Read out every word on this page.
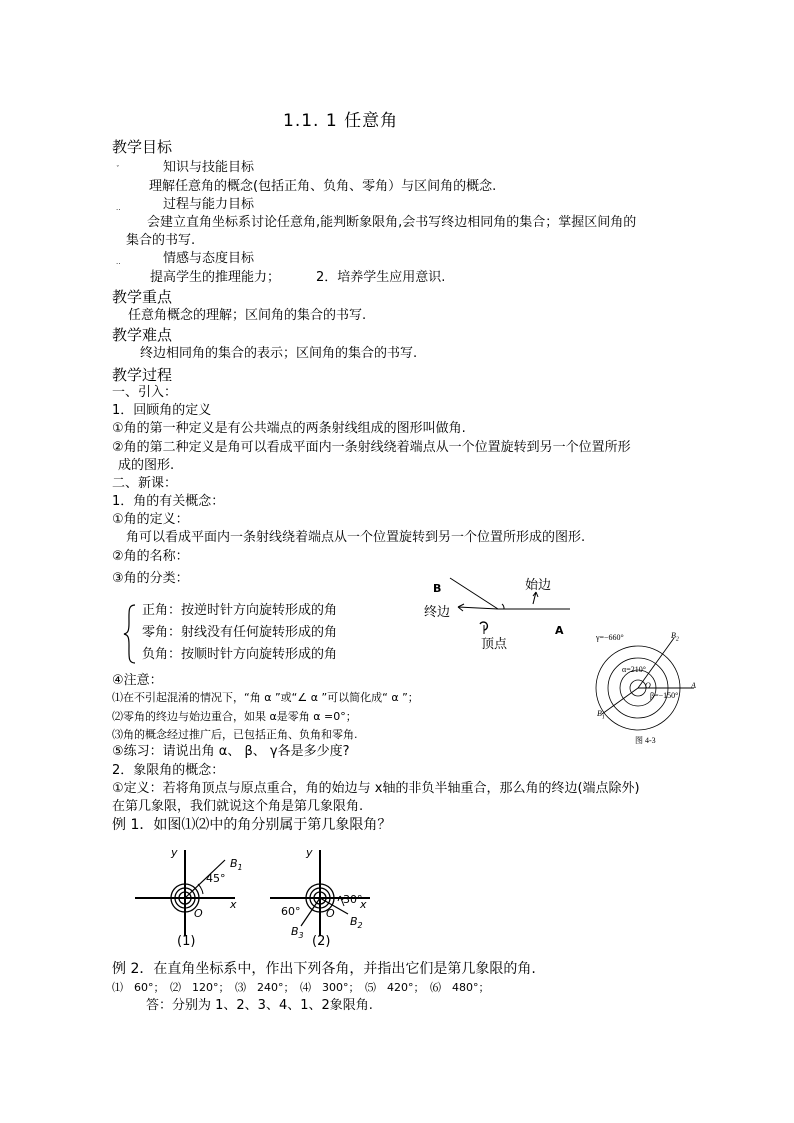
1.1. 1 任意角
教学目标
ˇ	知识与技能目标
理解任意角的概念(包括正角、负角、零角）与区间角的概念.
..	过程与能力目标
会建立直角坐标系讨论任意角,能判断象限角,会书写终边相同角的集合；掌握区间角的
集合的书写.
..	情感与态度目标
提高学生的推理能力；	2．培养学生应用意识.
教学重点
任意角概念的理解；区间角的集合的书写.
教学难点
终边相同角的集合的表示；区间角的集合的书写.
教学过程
一、引入：
1．回顾角的定义
①角的第一种定义是有公共端点的两条射线组成的图形叫做角.
②角的第二种定义是角可以看成平面内一条射线绕着端点从一个位置旋转到另一个位置所形
成的图形.
二、新课：
1．角的有关概念：
①角的定义：
角可以看成平面内一条射线绕着端点从一个位置旋转到另一个位置所形成的图形.
②角的名称：
③角的分类：
正角：按逆时针方向旋转形成的角
零角：射线没有任何旋转形成的角
负角：按顺时针方向旋转形成的角
B	始边
终边
顶点
A
γ=−660°
α=210°
O
β=−150°
A
$B_2$
$B_1$
图 4-3
④注意：
⑴在不引起混淆的情况下，“角 α ”或“∠ α ”可以简化成“ α ”；
⑵零角的终边与始边重合，如果 α是零角 α =0°；
⑶角的概念经过推广后，已包括正角、负角和零角.
⑤练习：请说出角 α、 β、 γ各是多少度?
2．象限角的概念：
①定义：若将角顶点与原点重合，角的始边与 x轴的非负半轴重合，那么角的终边(端点除外)
在第几象限，我们就说这个角是第几象限角.
例 1．如图⑴⑵中的角分别属于第几象限角？
y
x
O
45°
$B_1$
(1)
y
x
O
30°
60°
$B_2$
$B_3$ (2)
例 2．在直角坐标系中，作出下列各角，并指出它们是第几象限的角.
⑴　60°；　⑵　120°；　⑶　240°；　⑷　300°；　⑸　420°；　⑹　480°；
答：分别为 1、2、3、4、1、2象限角.
